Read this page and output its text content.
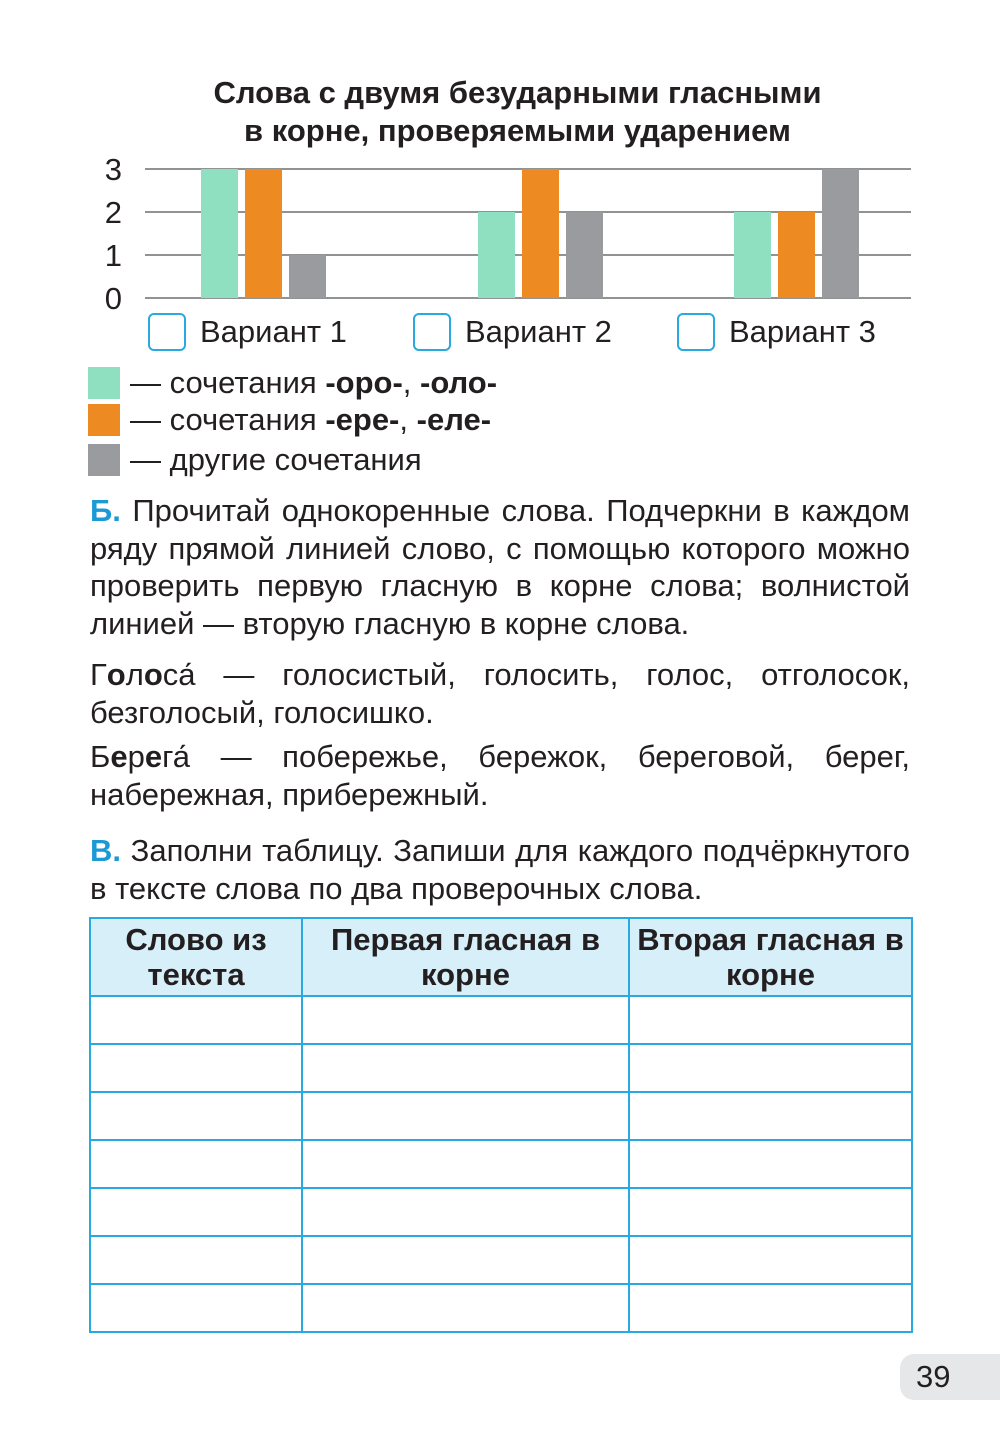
Слова с двумя безударными гласными
в корне, проверяемыми ударением
0
1
2
3
Вариант 1	Вариант 2	Вариант 3
— сочетания -оро- , -оло-
— сочетания -ере- , -еле-
— другие сочетания

Б. Прочитай однокоренные слова. Подчеркни в каждом ряду прямой линией слово, с помощью которого можно проверить первую гласную в корне слова; волнистой линией — вторую гласную в корне слова.

Голоса́ — голосистый, голосить, голос, отголосок, безголосый, голосишко.

Берега́ — побережье, бережок, береговой, берег, набережная, прибережный.

В. Заполни таблицу. Запиши для каждого подчёркнутого в тексте слова по два проверочных слова.

Слово из текста	Первая гласная в корне	Вторая гласная в корне

39
